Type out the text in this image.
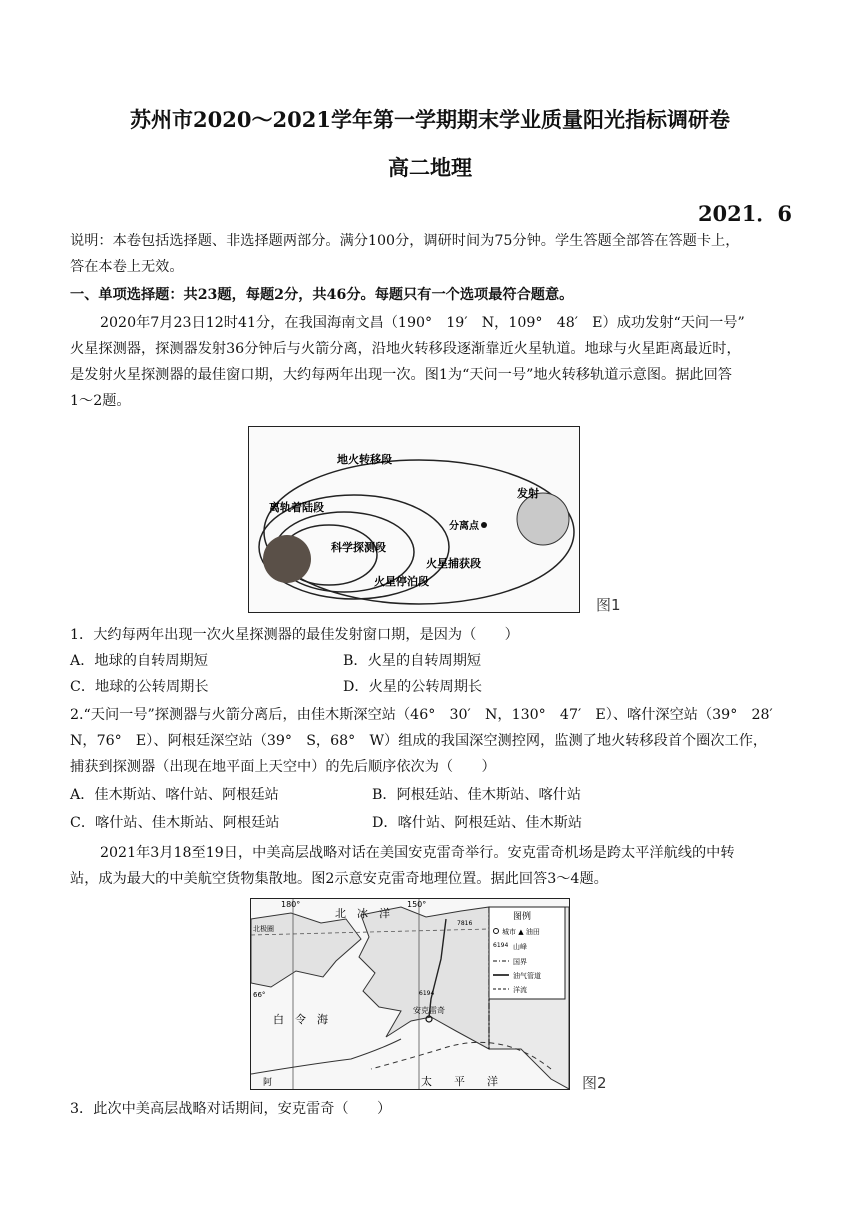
苏州市2020～2021学年第一学期期末学业质量阳光指标调研卷
高二地理
2021．6
说明：本卷包括选择题、非选择题两部分。满分100分，调研时间为75分钟。学生答题全部答在答题卡上，
答在本卷上无效。
一、单项选择题：共23题，每题2分，共46分。每题只有一个选项最符合题意。
2020年7月23日12时41分，在我国海南文昌（190°　19′　N，109°　48′　E）成功发射“天问一号”
火星探测器，探测器发射36分钟后与火箭分离，沿地火转移段逐渐靠近火星轨道。地球与火星距离最近时，
是发射火星探测器的最佳窗口期，大约每两年出现一次。图1为“天问一号”地火转移轨道示意图。据此回答
1～2题。
地火转移段
离轨着陆段
科学探测段
火星捕获段
火星停泊段
分离点
发射
图1
1．大约每两年出现一次火星探测器的最佳发射窗口期，是因为（　　）
A．地球的自转周期短	B．火星的自转周期短
C．地球的公转周期长	D．火星的公转周期长
2.“天问一号”探测器与火箭分离后，由佳木斯深空站（46°　30′　N，130°　47′　E）、喀什深空站（39°　28′
N，76°　E）、阿根廷深空站（39°　S，68°　W）组成的我国深空测控网，监测了地火转移段首个圈次工作，
捕获到探测器（出现在地平面上天空中）的先后顺序依次为（　　）
A．佳木斯站、喀什站、阿根廷站	B．阿根廷站、佳木斯站、喀什站
C．喀什站、佳木斯站、阿根廷站	D．喀什站、阿根廷站、佳木斯站
2021年3月18至19日，中美高层战略对话在美国安克雷奇举行。安克雷奇机场是跨太平洋航线的中转
站，成为最大的中美航空货物集散地。图2示意安克雷奇地理位置。据此回答3～4题。
180°	150°
北极圈
北　冰　洋
66°
白　令　海
阿	太　　平　　洋
安克雷奇
7816
6194
图例
城市 ▲ 油田
6194 山峰
国界
油气管道
洋流
图2
3．此次中美高层战略对话期间，安克雷奇（　　）
